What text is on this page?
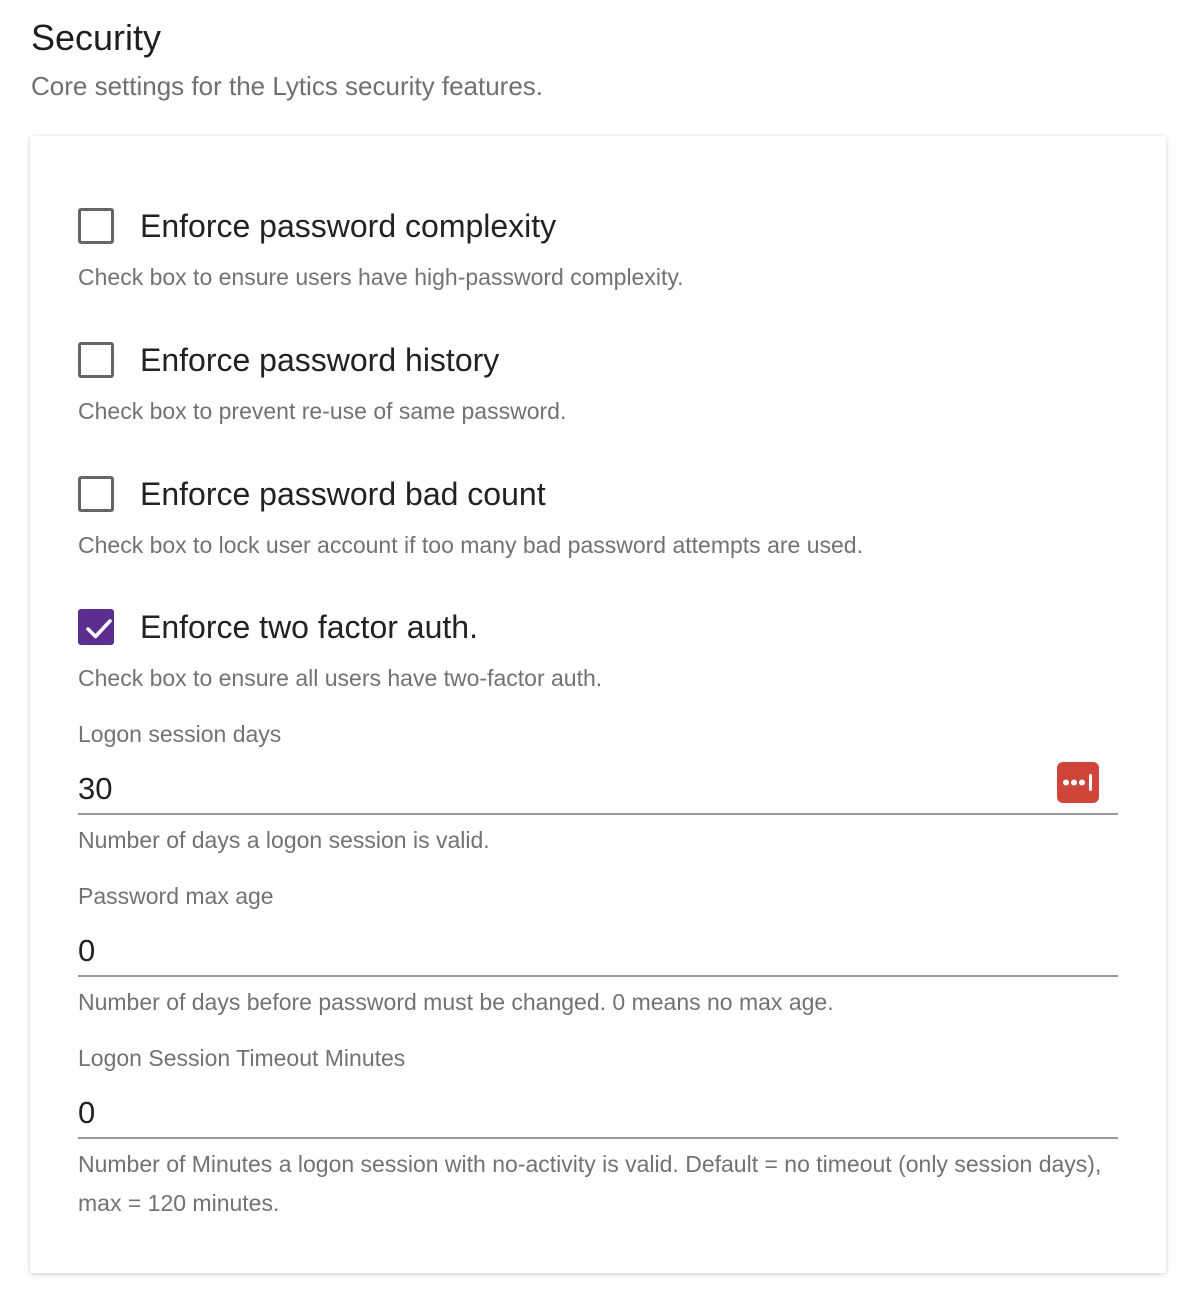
Security
Core settings for the Lytics security features.
Enforce password complexity
Check box to ensure users have high-password complexity.
Enforce password history
Check box to prevent re-use of same password.
Enforce password bad count
Check box to lock user account if too many bad password attempts are used.
Enforce two factor auth.
Check box to ensure all users have two-factor auth.
Logon session days
30
Number of days a logon session is valid.
Password max age
0
Number of days before password must be changed. 0 means no max age.
Logon Session Timeout Minutes
0
Number of Minutes a logon session with no-activity is valid. Default = no timeout (only session days), max = 120 minutes.
